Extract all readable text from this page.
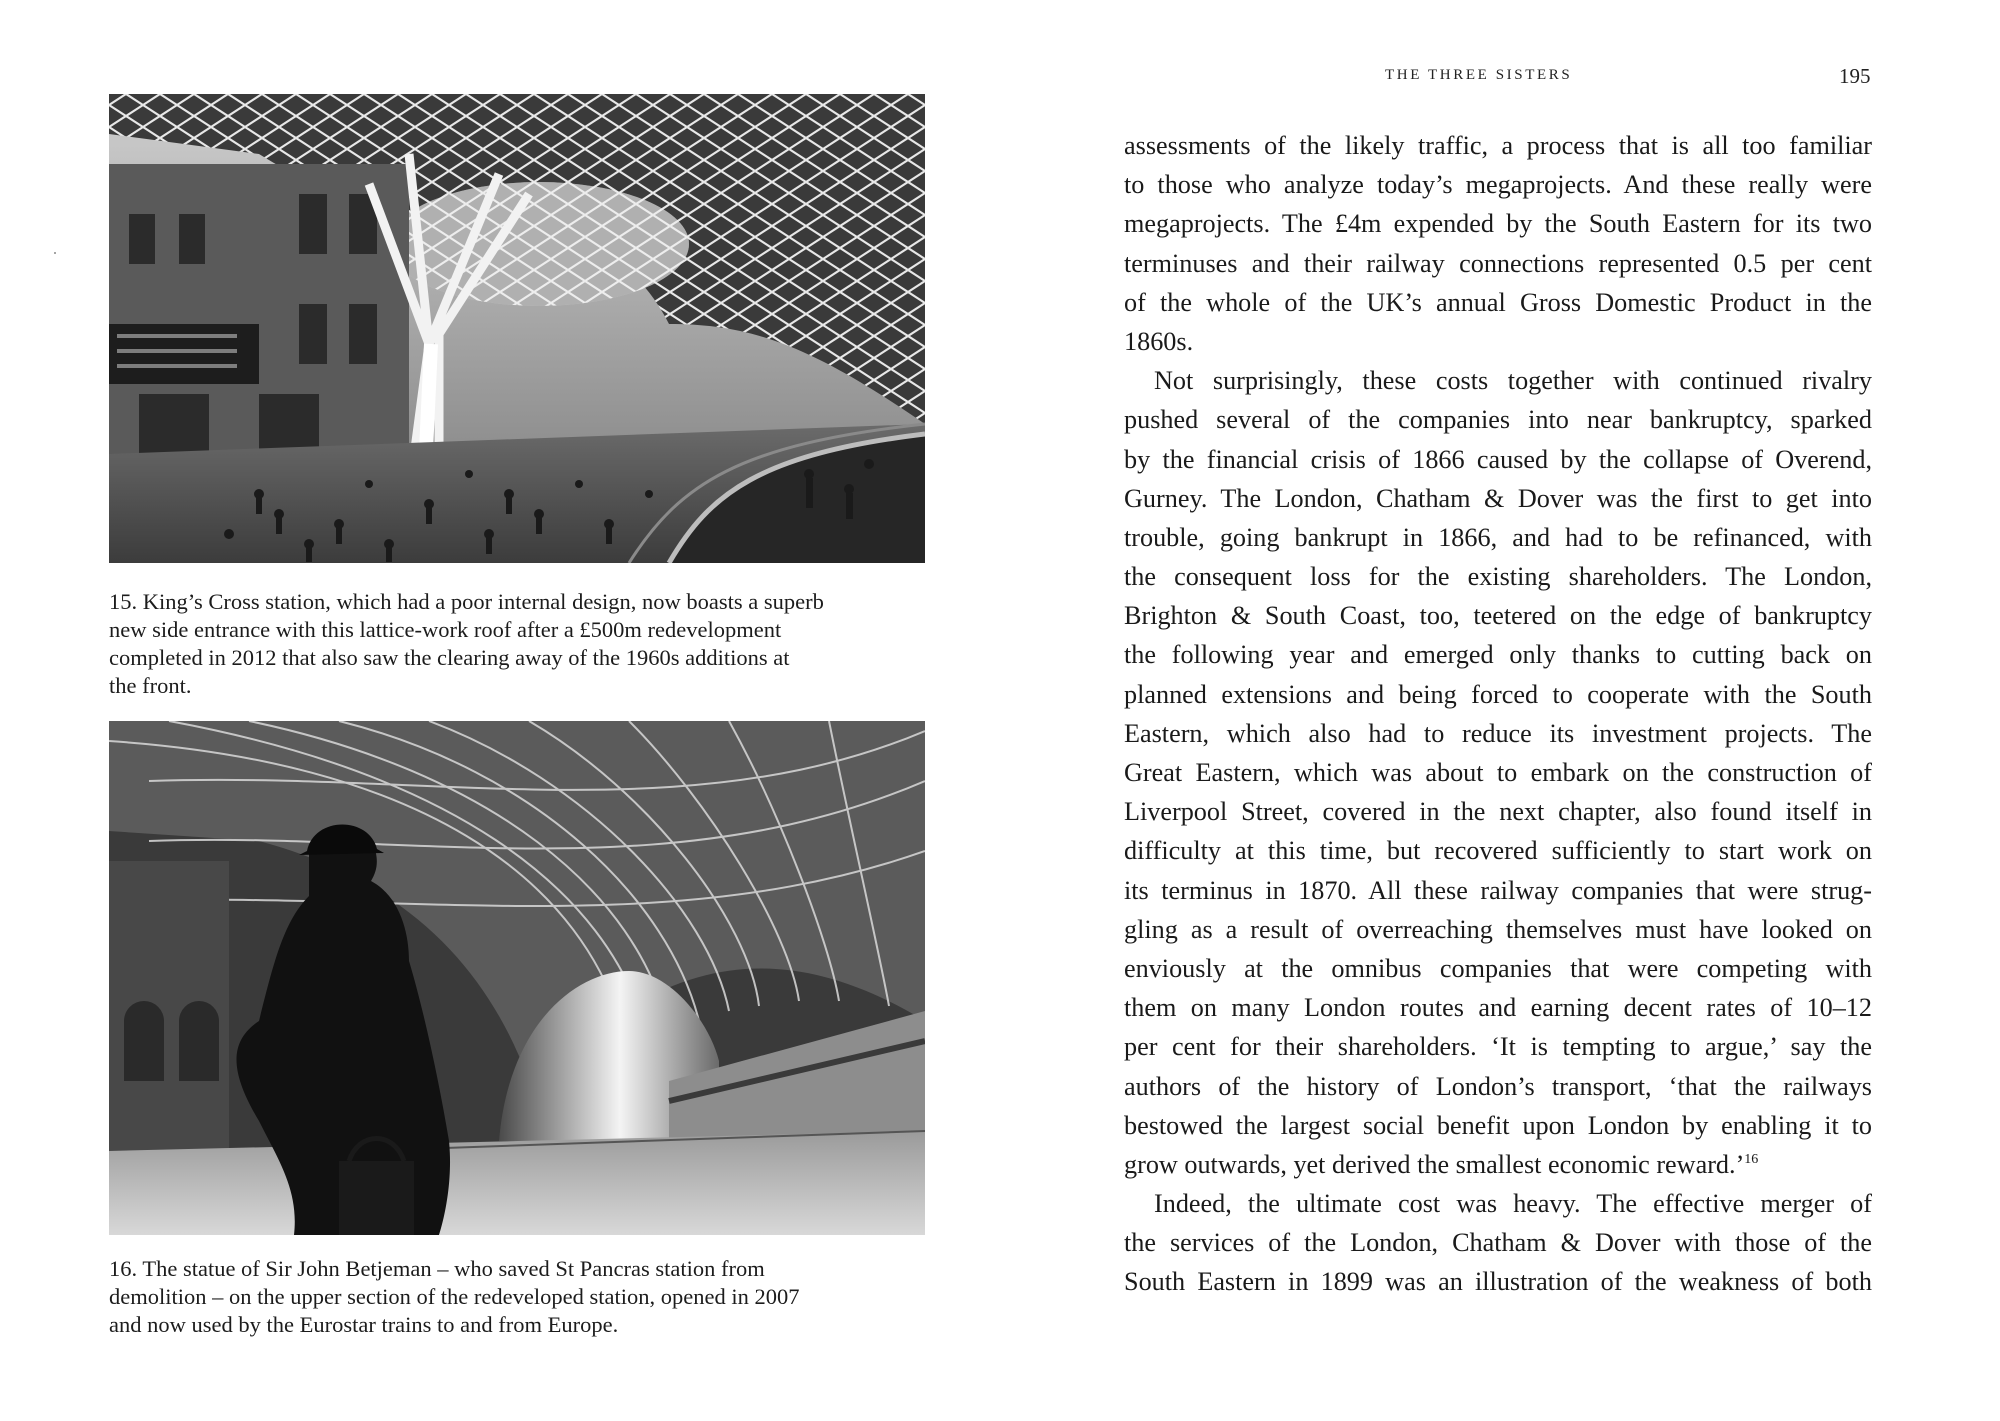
15. King’s Cross station, which had a poor internal design, now boasts a superb
new side entrance with this lattice-work roof after a £500m redevelopment
completed in 2012 that also saw the clearing away of the 1960s additions at
the front.

16. The statue of Sir John Betjeman – who saved St Pancras station from
demolition – on the upper section of the redeveloped station, opened in 2007
and now used by the Eurostar trains to and from Europe.

THE THREE SISTERS	195
assessments of the likely traffic, a process that is all too familiar
to those who analyze today’s megaprojects. And these really were
megaprojects. The £4m expended by the South Eastern for its two
terminuses and their railway connections represented 0.5 per cent
of the whole of the UK’s annual Gross Domestic Product in the
1860s.
Not surprisingly, these costs together with continued rivalry
pushed several of the companies into near bankruptcy, sparked
by the financial crisis of 1866 caused by the collapse of Overend,
Gurney. The London, Chatham & Dover was the first to get into
trouble, going bankrupt in 1866, and had to be refinanced, with
the consequent loss for the existing shareholders. The London,
Brighton & South Coast, too, teetered on the edge of bankruptcy
the following year and emerged only thanks to cutting back on
planned extensions and being forced to cooperate with the South
Eastern, which also had to reduce its investment projects. The
Great Eastern, which was about to embark on the construction of
Liverpool Street, covered in the next chapter, also found itself in
difficulty at this time, but recovered sufficiently to start work on
its terminus in 1870. All these railway companies that were strug-
gling as a result of overreaching themselves must have looked on
enviously at the omnibus companies that were competing with
them on many London routes and earning decent rates of 10–12
per cent for their shareholders. ‘It is tempting to argue,’ say the
authors of the history of London’s transport, ‘that the railways
bestowed the largest social benefit upon London by enabling it to
grow outwards, yet derived the smallest economic reward.’$^{16}$
Indeed, the ultimate cost was heavy. The effective merger of
the services of the London, Chatham & Dover with those of the
South Eastern in 1899 was an illustration of the weakness of both
